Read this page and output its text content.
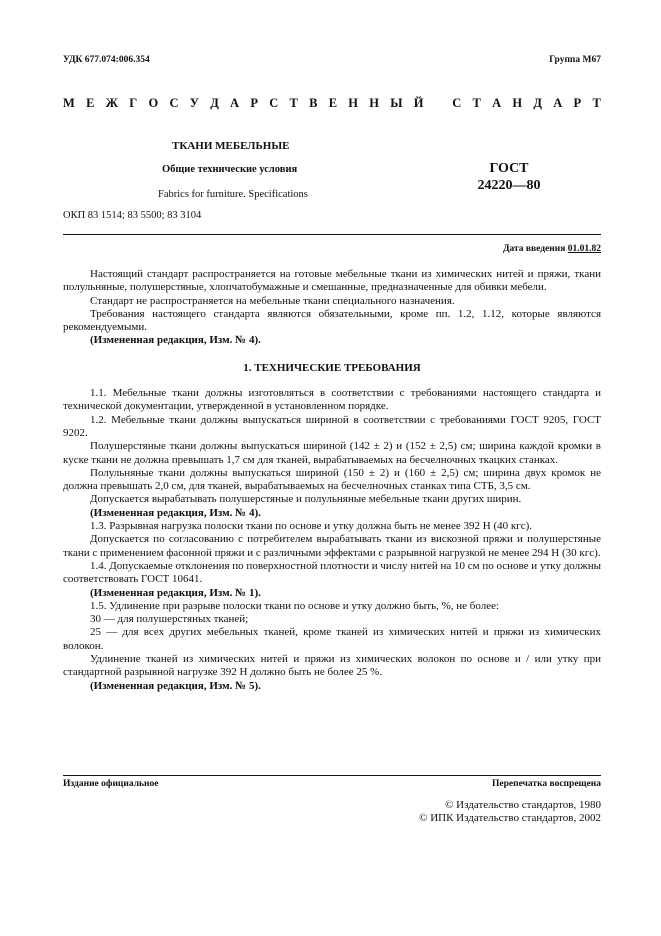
УДК 677.074:006.354	Группа М67
М Е Ж Г О С У Д А Р С Т В Е Н Н Ы Й
С Т А Н Д А Р Т
ТКАНИ МЕБЕЛЬНЫЕ
Общие технические условия
Fabrics for furniture. Specifications
ОКП 83 1514; 83 5500; 83 3104
ГОСТ
24220—80
Дата введения 01.01.82

Настоящий стандарт распространяется на готовые мебельные ткани из химических нитей и пряжи, ткани полульняные, полушерстяные, хлопчатобумажные и смешанные, предназначенные для обивки мебели.

Стандарт не распространяется на мебельные ткани специального назначения.

Требования настоящего стандарта являются обязательными, кроме пп. 1.2, 1.12, которые являются рекомендуемыми.

(Измененная редакция, Изм. № 4).

1. ТЕХНИЧЕСКИЕ ТРЕБОВАНИЯ

1.1. Мебельные ткани должны изготовляться в соответствии с требованиями настоящего стандарта и технической документации, утвержденной в установленном порядке.

1.2. Мебельные ткани должны выпускаться шириной в соответствии с требованиями ГОСТ 9205, ГОСТ 9202.

Полушерстяные ткани должны выпускаться шириной (142 ± 2) и (152 ± 2,5) см; ширина каждой кромки в куске ткани не должна превышать 1,7 см для тканей, вырабатываемых на бесчелночных ткацких станках.

Полульняные ткани должны выпускаться шириной (150 ± 2) и (160 ± 2,5) см; ширина двух кромок не должна превышать 2,0 см, для тканей, вырабатываемых на бесчелночных станках типа СТБ, 3,5 см.

Допускается вырабатывать полушерстяные и полульняные мебельные ткани других ширин.

(Измененная редакция, Изм. № 4).

1.3. Разрывная нагрузка полоски ткани по основе и утку должна быть не менее 392 Н (40 кгс).

Допускается по согласованию с потребителем вырабатывать ткани из вискозной пряжи и полушерстяные ткани с применением фасонной пряжи и с различными эффектами с разрывной нагрузкой не менее 294 Н (30 кгс).

1.4. Допускаемые отклонения по поверхностной плотности и числу нитей на 10 см по основе и утку должны соответствовать ГОСТ 10641.

(Измененная редакция, Изм. № 1).

1.5. Удлинение при разрыве полоски ткани по основе и утку должно быть, %, не более:

30 — для полушерстяных тканей;

25 — для всех других мебельных тканей, кроме тканей из химических нитей и пряжи из химических волокон.

Удлинение тканей из химических нитей и пряжи из химических волокон по основе и / или утку при стандартной разрывной нагрузке 392 Н должно быть не более 25 %.

(Измененная редакция, Изм. № 5).

Издание официальное	Перепечатка воспрещена
© Издательство стандартов, 1980
© ИПК Издательство стандартов, 2002
